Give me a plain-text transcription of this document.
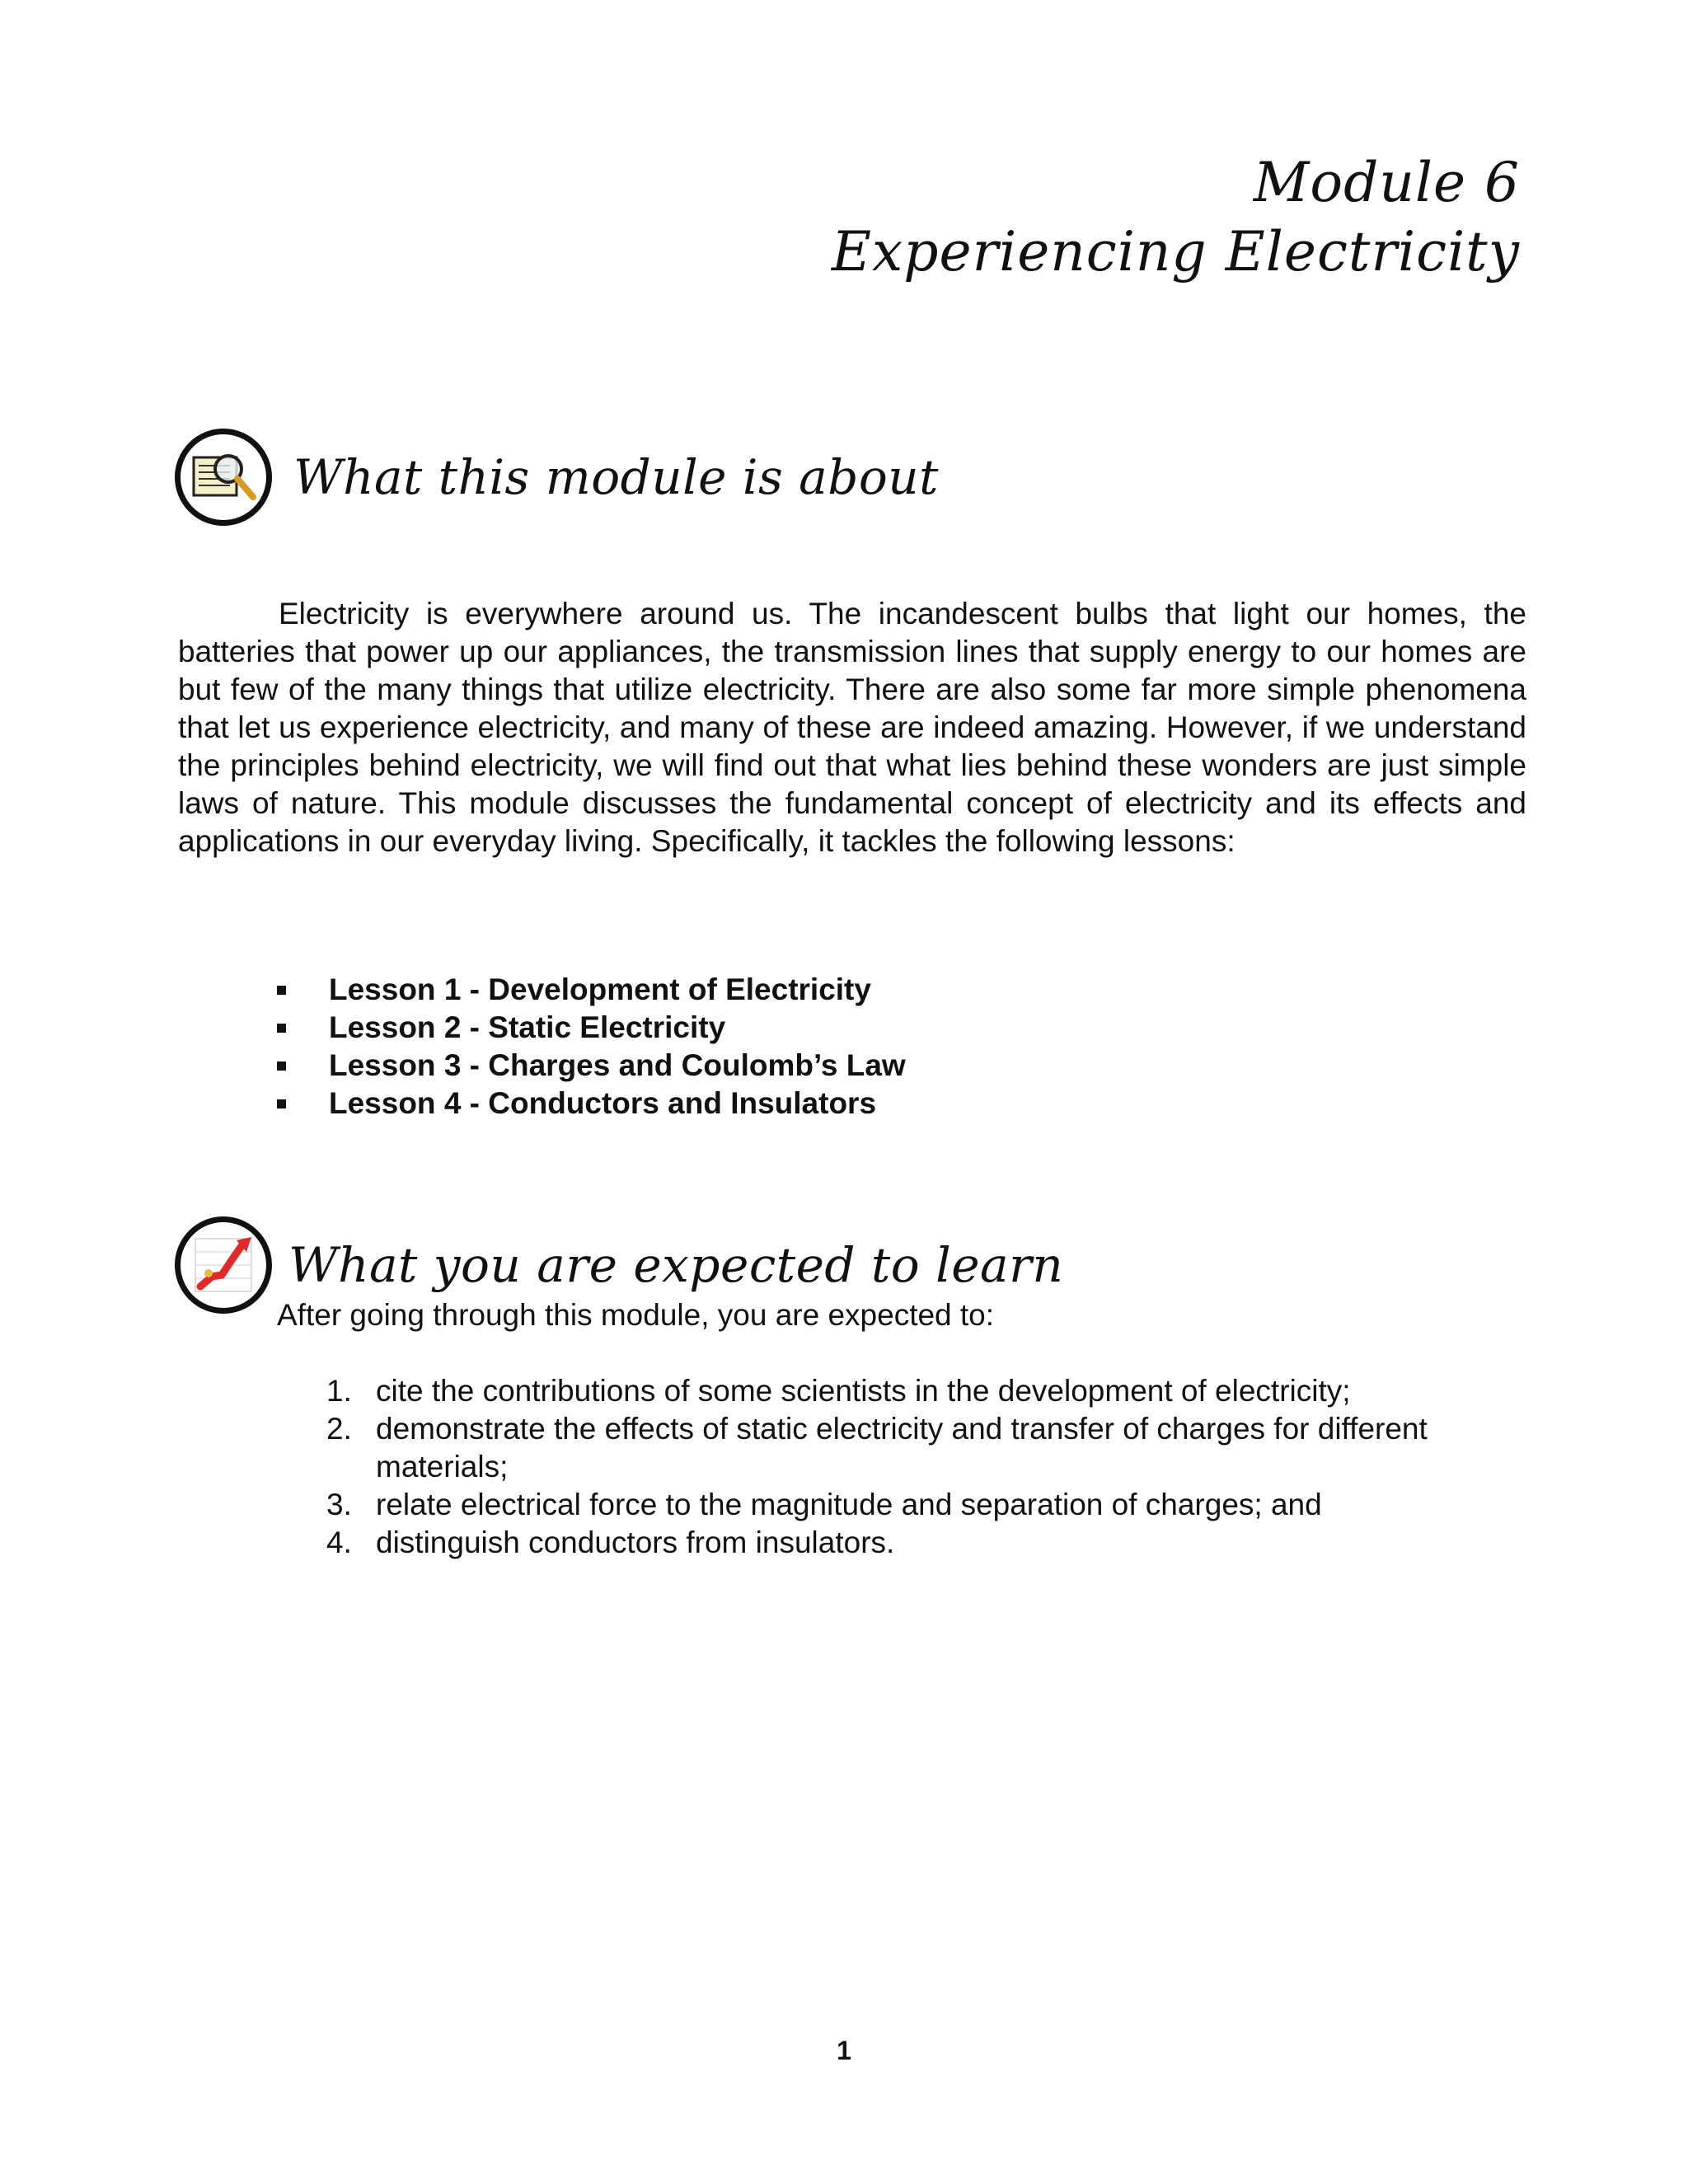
Module 6
Experiencing Electricity
What this module is about
Electricity is everywhere around us. The incandescent bulbs that light our homes, the batteries that power up our appliances, the transmission lines that supply energy to our homes are but few of the many things that utilize electricity. There are also some far more simple phenomena that let us experience electricity, and many of these are indeed amazing. However, if we understand the principles behind electricity, we will find out that what lies behind these wonders are just simple laws of nature. This module discusses the fundamental concept of electricity and its effects and applications in our everyday living. Specifically, it tackles the following lessons:
Lesson 1 - Development of Electricity
Lesson 2 - Static Electricity
Lesson 3 - Charges and Coulomb’s Law
Lesson 4 - Conductors and Insulators
What you are expected to learn
After going through this module, you are expected to:
1. cite the contributions of some scientists in the development of electricity;
2. demonstrate the effects of static electricity and transfer of charges for different materials;
3. relate electrical force to the magnitude and separation of charges; and
4. distinguish conductors from insulators.
1
